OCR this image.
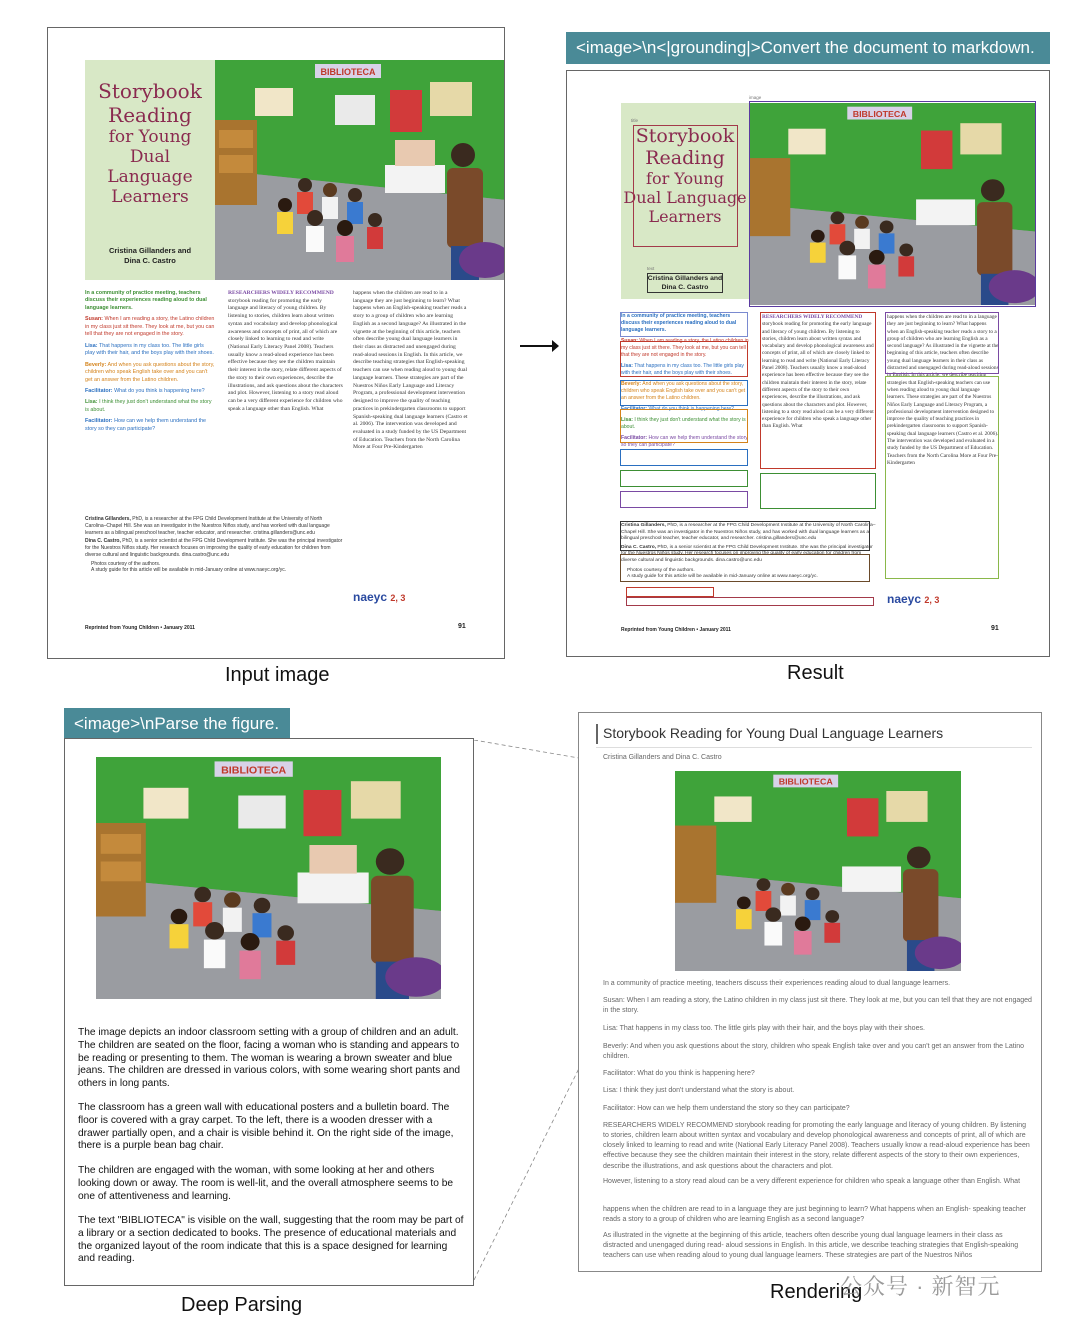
Storybook
Reading
for Young
Dual Language
Learners
Cristina Gillanders and
Dina C. Castro
BIBLIOTECA
In a community of practice meeting, teachers discuss their experiences reading aloud to dual language learners.
Susan: When I am reading a story, the Latino children in my class just sit there. They look at me, but you can tell that they are not engaged in the story.
Lisa: That happens in my class too. The little girls play with their hair, and the boys play with their shoes.
Beverly: And when you ask questions about the story, children who speak English take over and you can't get an answer from the Latino children.
Facilitator: What do you think is happening here?
Lisa: I think they just don't understand what the story is about.
Facilitator: How can we help them understand the story so they can participate?
RESEARCHERS WIDELY RECOMMEND storybook reading for promoting the early language and literacy of young children. By listening to stories, children learn about written syntax and vocabulary and develop phonological awareness and concepts of print, all of which are closely linked to learning to read and write (National Early Literacy Panel 2008). Teachers usually know a read-aloud experience has been effective because they see the children maintain their interest in the story, relate different aspects of the story to their own experiences, describe the illustrations, and ask questions about the characters and plot. However, listening to a story read aloud can be a very different experience for children who speak a language other than English. What
happens when the children are read to in a language they are just beginning to learn? What happens when an English-speaking teacher reads a story to a group of children who are learning English as a second language? As illustrated in the vignette at the beginning of this article, teachers often describe young dual language learners in their class as distracted and unengaged during read-aloud sessions in English. In this article, we describe teaching strategies that English-speaking teachers can use when reading aloud to young dual language learners. These strategies are part of the Nuestros Niños Early Language and Literacy Program, a professional development intervention designed to improve the quality of teaching practices in prekindergarten classrooms to support Spanish-speaking dual language learners (Castro et al. 2006). The intervention was developed and evaluated in a study funded by the US Department of Education. Teachers from the North Carolina More at Four Pre-Kindergarten
Cristina Gillanders, PhD, is a researcher at the FPG Child Development Institute at the University of North Carolina–Chapel Hill. She was an investigator in the Nuestros Niños study, and has worked with dual language learners as a bilingual preschool teacher, teacher educator, and researcher. cristina.gillanders@unc.edu
Dina C. Castro, PhD, is a senior scientist at the FPG Child Development Institute. She was the principal investigator for the Nuestros Niños study. Her research focuses on improving the quality of early education for children from diverse cultural and linguistic backgrounds. dina.castro@unc.edu
Photos courtesy of the authors.
A study guide for this article will be available in mid-January online at www.naeyc.org/yc.
naeyc 2, 3
Reprinted from Young Children • January 2011	91
Input image
<image>\n<|grounding|>Convert the document to markdown.
title
Storybook
Reading
for Young
Dual Language
Learners
text
Cristina Gillanders and
Dina C. Castro
image
BIBLIOTECA
In a community of practice meeting, teachers discuss their experiences reading aloud to dual language learners.
Susan: When I am reading a story, the Latino children in my class just sit there. They look at me, but you can tell that they are not engaged in the story.
Lisa: That happens in my class too. The little girls play with their hair, and the boys play with their shoes.
Beverly: And when you ask questions about the story, children who speak English take over and you can't get an answer from the Latino children.
Facilitator: What do you think is happening here?
Lisa: I think they just don't understand what the story is about.
Facilitator: How can we help them understand the story so they can participate?
RESEARCHERS WIDELY RECOMMEND storybook reading for promoting the early language and literacy of young children. By listening to stories, children learn about written syntax and vocabulary and develop phonological awareness and concepts of print, all of which are closely linked to learning to read and write (National Early Literacy Panel 2008). Teachers usually know a read-aloud experience has been effective because they see the children maintain their interest in the story, relate different aspects of the story to their own experiences, describe the illustrations, and ask questions about the characters and plot. However, listening to a story read aloud can be a very different experience for children who speak a language other than English. What
happens when the children are read to in a language they are just beginning to learn? What happens when an English-speaking teacher reads a story to a group of children who are learning English as a second language? As illustrated in the vignette at the beginning of this article, teachers often describe young dual language learners in their class as distracted and unengaged during read-aloud sessions in English. In this article, we describe teaching strategies that English-speaking teachers can use when reading aloud to young dual language learners. These strategies are part of the Nuestros Niños Early Language and Literacy Program, a professional development intervention designed to improve the quality of teaching practices in prekindergarten classrooms to support Spanish-speaking dual language learners (Castro et al. 2006). The intervention was developed and evaluated in a study funded by the US Department of Education. Teachers from the North Carolina More at Four Pre-Kindergarten
Cristina Gillanders, PhD, is a researcher at the FPG Child Development Institute at the University of North Carolina–Chapel Hill. She was an investigator in the Nuestros Niños study, and has worked with dual language learners as a bilingual preschool teacher, teacher educator, and researcher. cristina.gillanders@unc.edu
Dina C. Castro, PhD, is a senior scientist at the FPG Child Development Institute. She was the principal investigator for the Nuestros Niños study. Her research focuses on improving the quality of early education for children from diverse cultural and linguistic backgrounds. dina.castro@unc.edu
Photos courtesy of the authors.
A study guide for this article will be available in mid-January online at www.naeyc.org/yc.
naeyc 2, 3
Reprinted from Young Children • January 2011	91
Result
<image>\nParse the figure.
BIBLIOTECA
The image depicts an indoor classroom setting with a group of children and an adult. The children are seated on the floor, facing a woman who is standing and appears to be reading or presenting to them. The woman is wearing a brown sweater and blue jeans. The children are dressed in various colors, with some wearing short pants and others in long pants.
The classroom has a green wall with educational posters and a bulletin board. The floor is covered with a gray carpet. To the left, there is a wooden dresser with a drawer partially open, and a chair is visible behind it. On the right side of the image, there is a purple bean bag chair.
The children are engaged with the woman, with some looking at her and others looking down or away. The room is well-lit, and the overall atmosphere seems to be one of attentiveness and learning.
The text "BIBLIOTECA" is visible on the wall, suggesting that the room may be part of a library or a section dedicated to books. The presence of educational materials and the organized layout of the room indicate that this is a space designed for learning and reading.
Deep Parsing
Storybook Reading for Young Dual Language Learners
Cristina Gillanders and Dina C. Castro
BIBLIOTECA
In a community of practice meeting, teachers discuss their experiences reading aloud to dual language learners.
Susan: When I am reading a story, the Latino children in my class just sit there. They look at me, but you can tell that they are not engaged in the story.
Lisa: That happens in my class too. The little girls play with their hair, and the boys play with their shoes.
Beverly: And when you ask questions about the story, children who speak English take over and you can't get an answer from the Latino children.
Facilitator: What do you think is happening here?
Lisa: I think they just don't understand what the story is about.
Facilitator: How can we help them understand the story so they can participate?
RESEARCHERS WIDELY RECOMMEND storybook reading for promoting the early language and literacy of young children. By listening to stories, children learn about written syntax and vocabulary and develop phonological awareness and concepts of print, all of which are closely linked to learning to read and write (National Early Literacy Panel 2008). Teachers usually know a read-aloud experience has been effective because they see the children maintain their interest in the story, relate different aspects of the story to their own experiences, describe the illustrations, and ask questions about the characters and plot.
However, listening to a story read aloud can be a very different experience for children who speak a language other than English. What
happens when the children are read to in a language they are just beginning to learn? What happens when an English- speaking teacher reads a story to a group of children who are learning English as a second language?
As illustrated in the vignette at the beginning of this article, teachers often describe young dual language learners in their class as distracted and unengaged during read- aloud sessions in English. In this article, we describe teaching strategies that English-speaking teachers can use when reading aloud to young dual language learners. These strategies are part of the Nuestros Niños
Rendering
公众号 · 新智元
